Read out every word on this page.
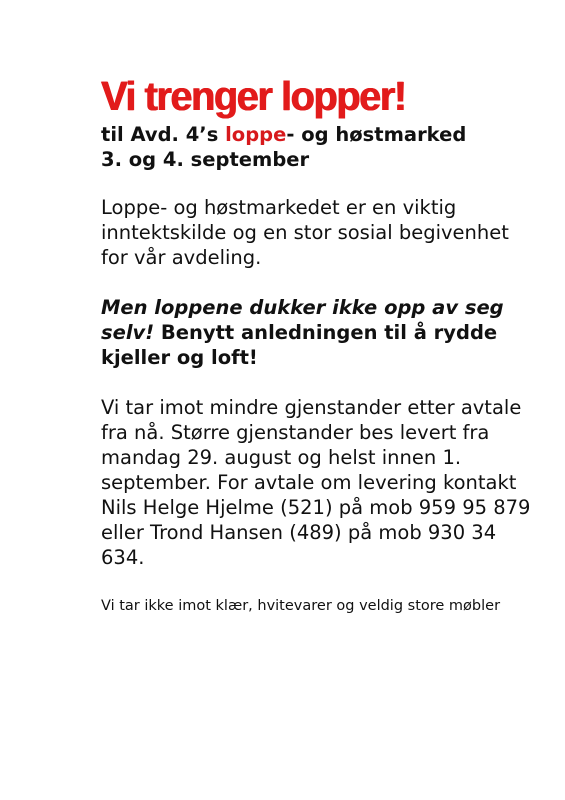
Vi trenger lopper!

til Avd. 4’s loppe- og høstmarked
3. og 4. september

Loppe- og høstmarkedet er en viktig inntektskilde og en stor sosial begivenhet for vår avdeling.

Men loppene dukker ikke opp av seg selv! Benytt anledningen til å rydde kjeller og loft!

Vi tar imot mindre gjenstander etter avtale fra nå. Større gjenstander bes levert fra mandag 29. august og helst innen 1. september. For avtale om levering kontakt Nils Helge Hjelme (521) på mob 959 95 879 eller Trond Hansen (489) på mob 930 34 634.

Vi tar ikke imot klær, hvitevarer og veldig store møbler
